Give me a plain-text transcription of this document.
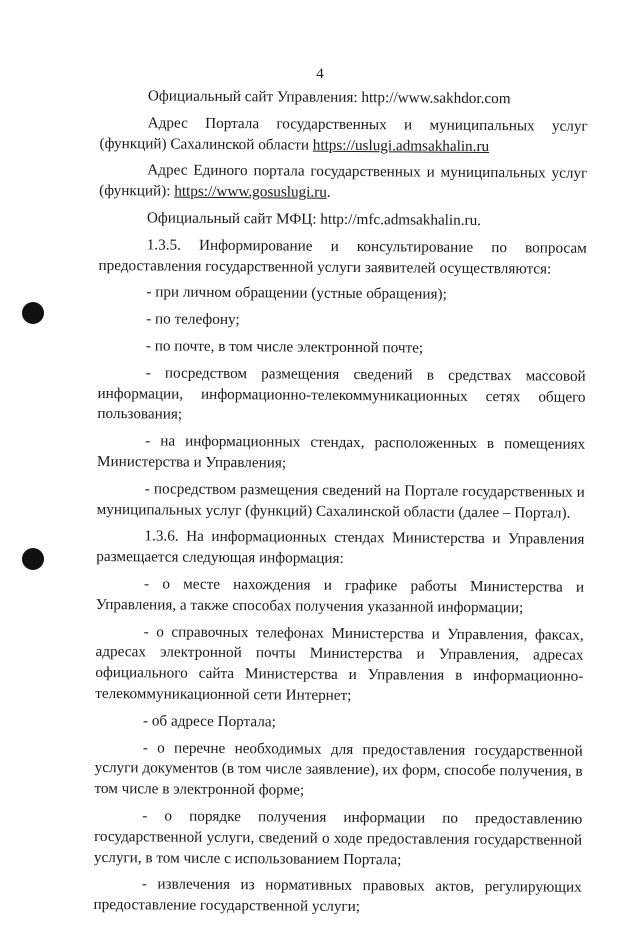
4

Официальный сайт Управления: http://www.sakhdor.com

Адрес Портала государственных и муниципальных услуг (функций) Сахалинской области https://uslugi.admsakhalin.ru

Адрес Единого портала государственных и муниципальных услуг (функций): https://www.gosuslugi.ru.

Официальный сайт МФЦ: http://mfc.admsakhalin.ru.

1.3.5. Информирование и консультирование по вопросам предоставления государственной услуги заявителей осуществляются:

- при личном обращении (устные обращения);

- по телефону;

- по почте, в том числе электронной почте;

- посредством размещения сведений в средствах массовой информации, информационно-телекоммуникационных сетях общего пользования;

- на информационных стендах, расположенных в помещениях Министерства и Управления;

- посредством размещения сведений на Портале государственных и муниципальных услуг (функций) Сахалинской области (далее – Портал).

1.3.6. На информационных стендах Министерства и Управления размещается следующая информация:

- о месте нахождения и графике работы Министерства и Управления, а также способах получения указанной информации;

- о справочных телефонах Министерства и Управления, факсах, адресах электронной почты Министерства и Управления, адресах официального сайта Министерства и Управления в информационно-телекоммуникационной сети Интернет;

- об адресе Портала;

- о перечне необходимых для предоставления государственной услуги документов (в том числе заявление), их форм, способе получения, в том числе в электронной форме;

- о порядке получения информации по предоставлению государственной услуги, сведений о ходе предоставления государственной услуги, в том числе с использованием Портала;

- извлечения из нормативных правовых актов, регулирующих предоставление государственной услуги;
